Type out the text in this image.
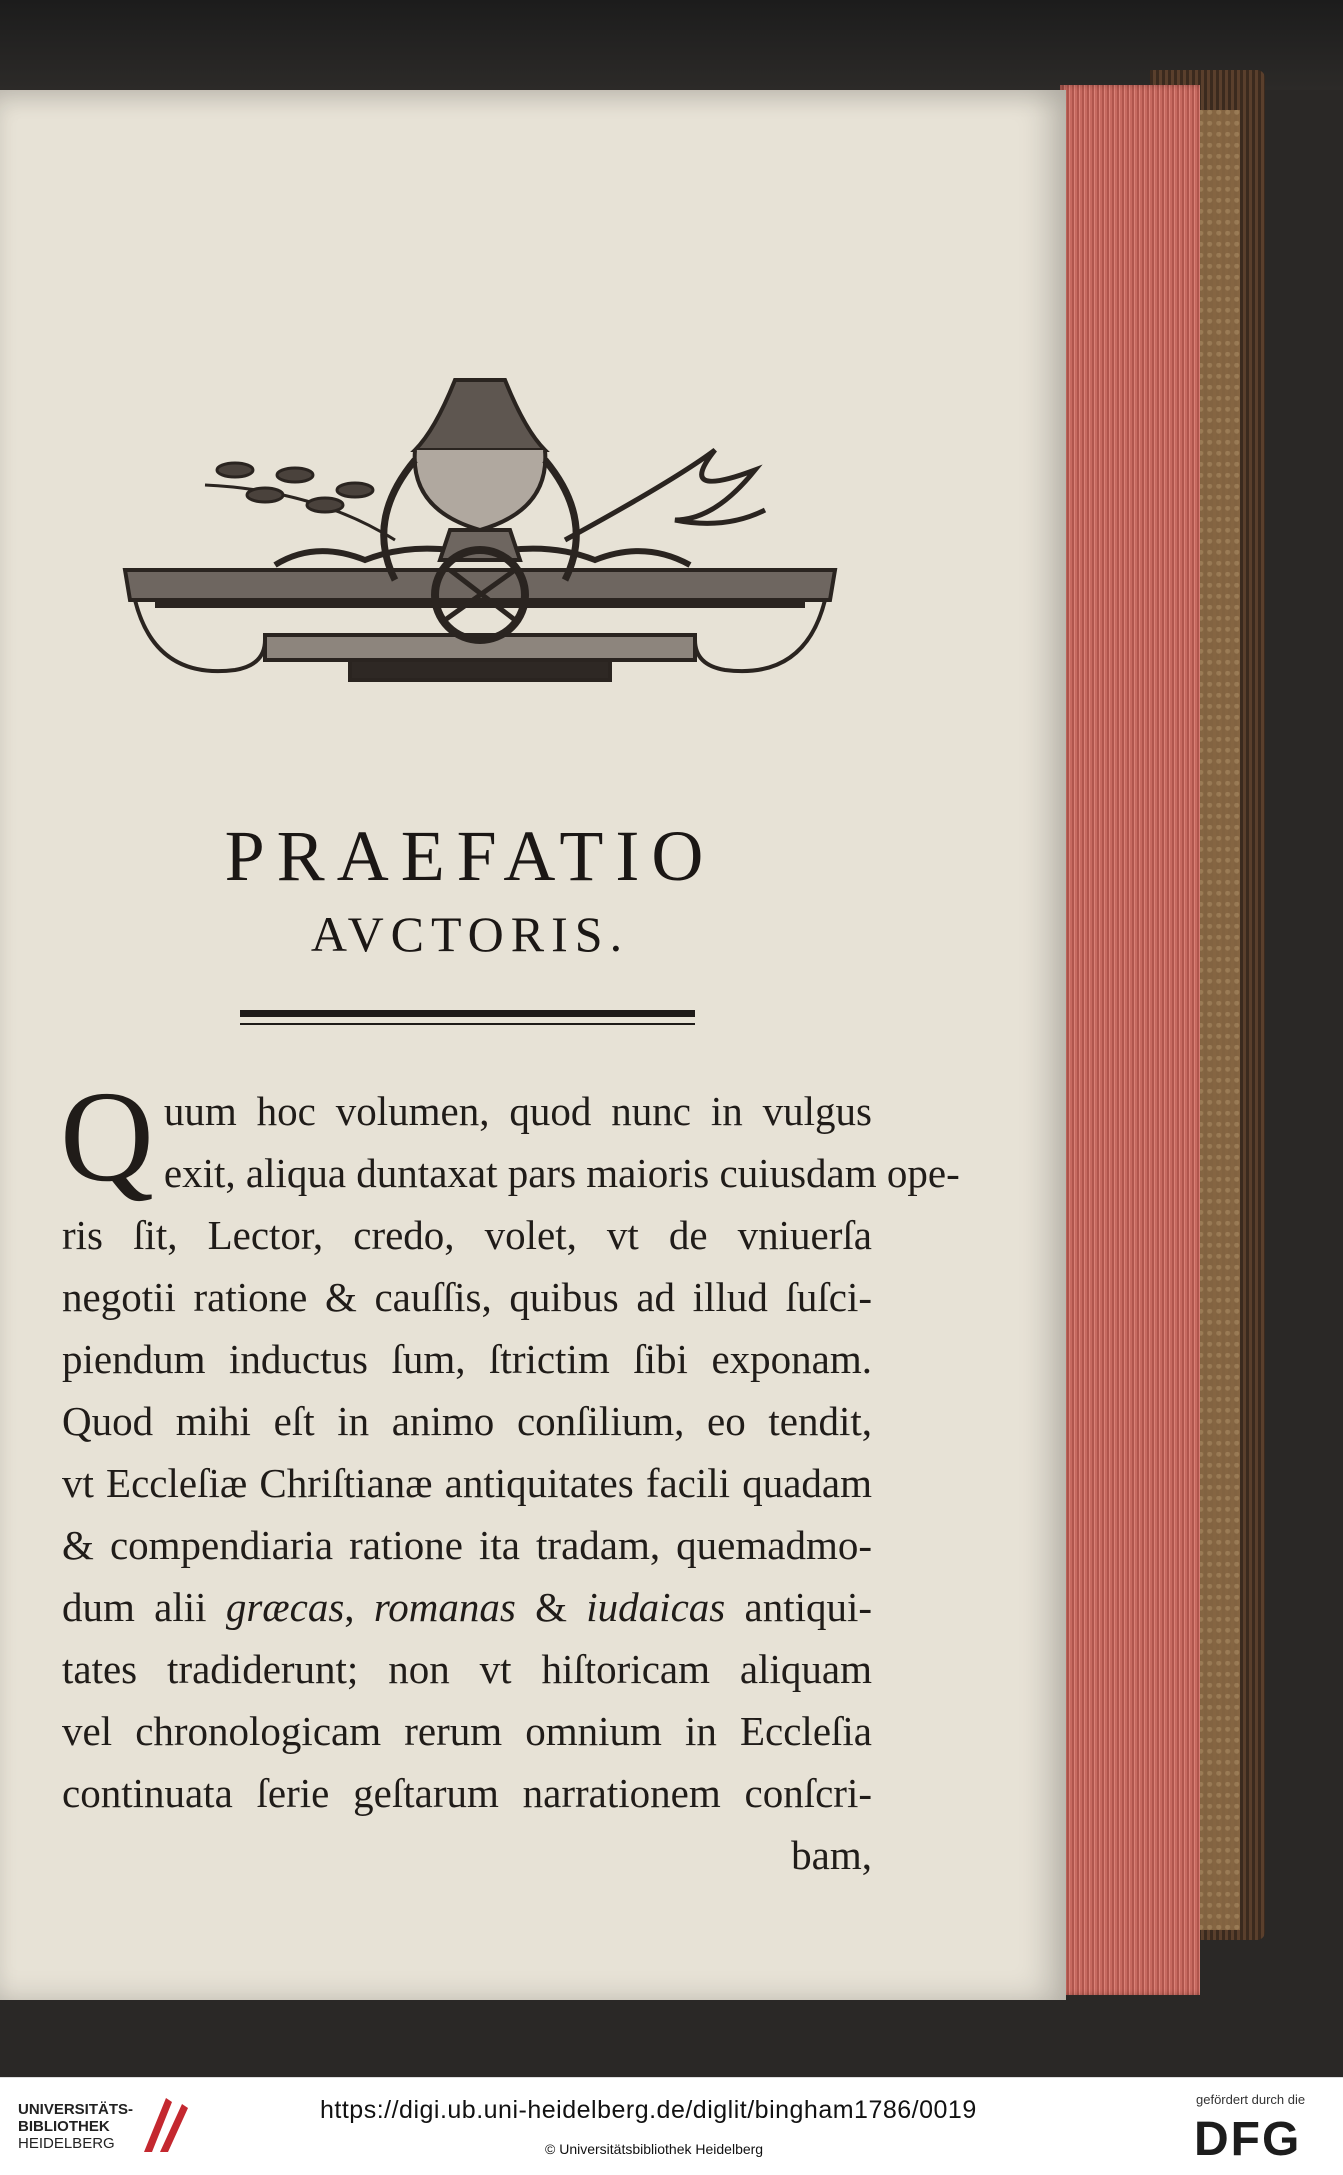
PRAEFATIO
AVCTORIS.
Q uum hoc volumen, quod nunc in vulgus
exit, aliqua duntaxat pars maioris cuiusdam ope-
ris ſit, Lector, credo, volet, vt de vniuerſa
negotii ratione & cauſſis, quibus ad illud ſuſci-
piendum inductus ſum, ſtrictim ſibi exponam.
Quod mihi eſt in animo conſilium, eo tendit,
vt Eccleſiæ Chriſtianæ antiquitates facili quadam
& compendiaria ratione ita tradam, quemadmo-
dum alii græcas, romanas & iudaicas antiqui-
tates tradiderunt; non vt hiſtoricam aliquam
vel chronologicam rerum omnium in Eccleſia
continuata ſerie geſtarum narrationem conſcri-
bam,
UNIVERSITÄTS-
BIBLIOTHEK
HEIDELBERG
https://digi.ub.uni-heidelberg.de/diglit/bingham1786/0019
© Universitätsbibliothek Heidelberg
gefördert durch die
DFG
